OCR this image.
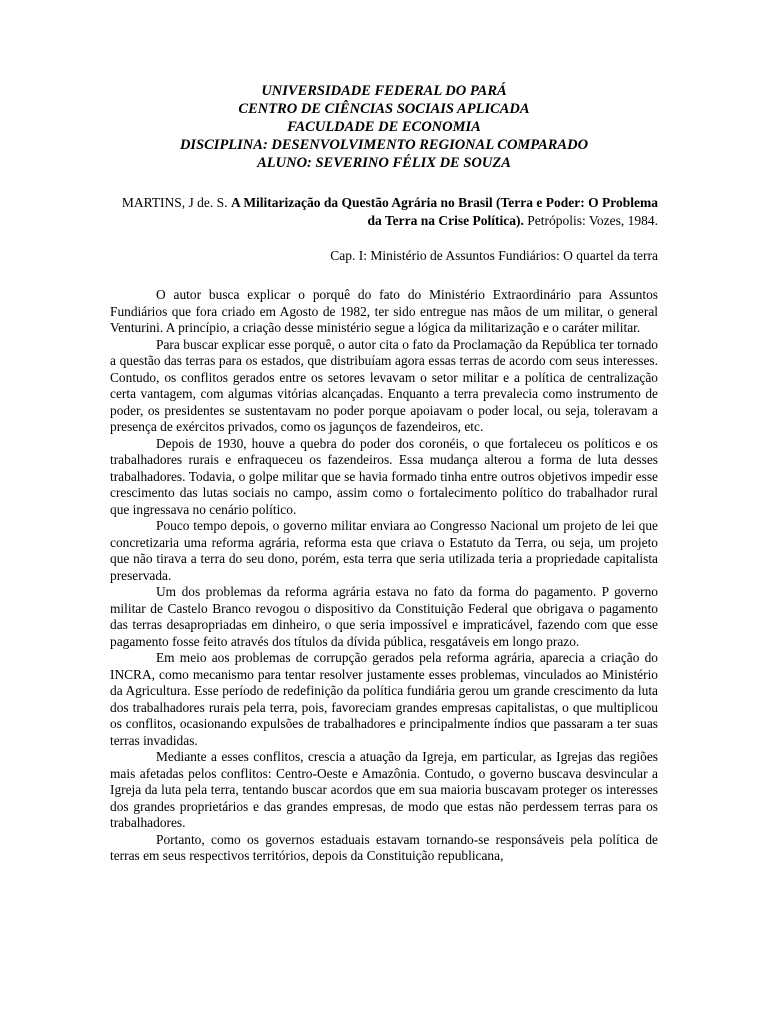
UNIVERSIDADE FEDERAL DO PARÁ
CENTRO DE CIÊNCIAS SOCIAIS APLICADA
FACULDADE DE ECONOMIA
DISCIPLINA: DESENVOLVIMENTO REGIONAL COMPARADO
ALUNO: SEVERINO FÉLIX DE SOUZA
MARTINS, J de. S. A Militarização da Questão Agrária no Brasil (Terra e Poder: O Problema da Terra na Crise Política). Petrópolis: Vozes, 1984.
Cap. I: Ministério de Assuntos Fundiários: O quartel da terra

O autor busca explicar o porquê do fato do Ministério Extraordinário para Assuntos Fundiários que fora criado em Agosto de 1982, ter sido entregue nas mãos de um militar, o general Venturini. A princípio, a criação desse ministério segue a lógica da militarização e o caráter militar.

Para buscar explicar esse porquê, o autor cita o fato da Proclamação da República ter tornado a questão das terras para os estados, que distribuíam agora essas terras de acordo com seus interesses. Contudo, os conflitos gerados entre os setores levavam o setor militar e a política de centralização certa vantagem, com algumas vitórias alcançadas. Enquanto a terra prevalecia como instrumento de poder, os presidentes se sustentavam no poder porque apoiavam o poder local, ou seja, toleravam a presença de exércitos privados, como os jagunços de fazendeiros, etc.

Depois de 1930, houve a quebra do poder dos coronéis, o que fortaleceu os políticos e os trabalhadores rurais e enfraqueceu os fazendeiros. Essa mudança alterou a forma de luta desses trabalhadores. Todavia, o golpe militar que se havia formado tinha entre outros objetivos impedir esse crescimento das lutas sociais no campo, assim como o fortalecimento político do trabalhador rural que ingressava no cenário político.

Pouco tempo depois, o governo militar enviara ao Congresso Nacional um projeto de lei que concretizaria uma reforma agrária, reforma esta que criava o Estatuto da Terra, ou seja, um projeto que não tirava a terra do seu dono, porém, esta terra que seria utilizada teria a propriedade capitalista preservada.

Um dos problemas da reforma agrária estava no fato da forma do pagamento. P governo militar de Castelo Branco revogou o dispositivo da Constituição Federal que obrigava o pagamento das terras desapropriadas em dinheiro, o que seria impossível e impraticável, fazendo com que esse pagamento fosse feito através dos títulos da dívida pública, resgatáveis em longo prazo.

Em meio aos problemas de corrupção gerados pela reforma agrária, aparecia a criação do INCRA, como mecanismo para tentar resolver justamente esses problemas, vinculados ao Ministério da Agricultura. Esse período de redefinição da política fundiária gerou um grande crescimento da luta dos trabalhadores rurais pela terra, pois, favoreciam grandes empresas capitalistas, o que multiplicou os conflitos, ocasionando expulsões de trabalhadores e principalmente índios que passaram a ter suas terras invadidas.

Mediante a esses conflitos, crescia a atuação da Igreja, em particular, as Igrejas das regiões mais afetadas pelos conflitos: Centro-Oeste e Amazônia. Contudo, o governo buscava desvincular a Igreja da luta pela terra, tentando buscar acordos que em sua maioria buscavam proteger os interesses dos grandes proprietários e das grandes empresas, de modo que estas não perdessem terras para os trabalhadores.

Portanto, como os governos estaduais estavam tornando-se responsáveis pela política de terras em seus respectivos territórios, depois da Constituição republicana,
